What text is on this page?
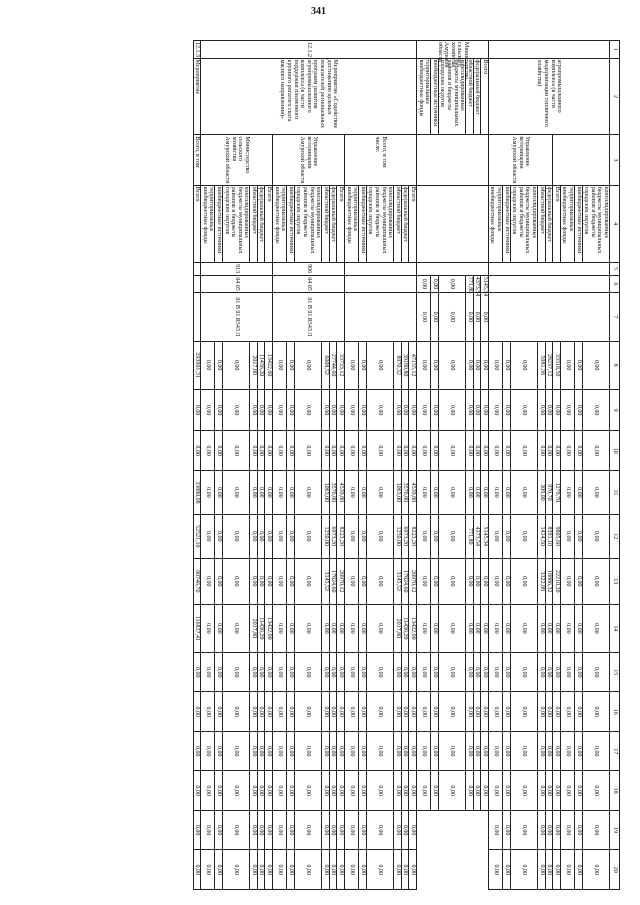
341
1	2	3	4	5	6	7	8	9	10	11	12	13	14	15	16	17	18	19	20
	агропромышленного комплекса (в части модернизации тепличного хозяйства)		консолидированные бюджеты муниципальных районов и бюджеты городских округов				0,00	0,00	0,00	0,00	0,00	0,00	0,00	0,00	0,00	0,00	0,00	0,00	0,00
			внебюджетные источники				0,00	0,00	0,00	0,00	0,00	0,00	0,00	0,00	0,00	0,00	0,00	0,00	0,00
			территориальные внебюджетные фонды				0,00	0,00	0,00	0,00	0,00	0,00	0,00	0,00	0,00	0,00	0,00	0,00	0,00
			Всего				33318,50	0,00	0,00	1279,70	9805,60	22210,20	0,00	0,00	0,00	0,00	0,00	0,00	0,00
		Управление ветеринарии Амурской области	федеральный бюджет				28237,12	0,00	0,00	970,70	8391,10	18886,32	0,00	0,00	0,00	0,00	0,00	0,00	0,00
			областной бюджет				5081,38	0,00	0,00	309,00	1414,50	3322,88	0,00	0,00	0,00	0,00	0,00	0,00	0,00
			консолидированные бюджеты муниципальных районов и бюджеты городских округов				0,00	0,00	0,00	0,00	0,00	0,00	0,00	0,00	0,00	0,00	0,00	0,00	0,00
			внебюджетные источники				0,00	0,00	0,00	0,00	0,00	0,00	0,00	0,00	0,00	0,00	0,00	0,00	0,00
			территориальные внебюджетные фонды				0,00	0,00	0,00	0,00	0,00	0,00	0,00	0,00	0,00	0,00	0,00	0,00	0,00
Министерство сельского хозяйства Амурской области	Всего				5145,34	0,00	0,00	0,00	0,00	0,00	5145,34	0,00	0,00	0,00	0,00	0,00	0,00		
	федеральный бюджет				4373,54	0,00	0,00	0,00	0,00	0,00	4373,54	0,00	0,00	0,00	0,00	0,00	0,00		
	областной бюджет				771,80	0,00	0,00	0,00	0,00	0,00	771,80	0,00	0,00	0,00	0,00	0,00	0,00		
	консолидированные бюджеты муниципальных районов и бюджеты городских округов				0,00	0,00	0,00	0,00	0,00	0,00	0,00	0,00	0,00	0,00	0,00	0,00	0,00		
	внебюджетные источники				0,00	0,00	0,00	0,00	0,00	0,00	0,00	0,00	0,00	0,00	0,00	0,00	0,00		
	территориальные внебюджетные фонды				0,00	0,00	0,00	0,00	0,00	0,00	0,00	0,00	0,00	0,00	0,00	0,00	0,00		
12.1.2	Мероприятие «Содействие достижению целевых показателей региональных программ развития агропромышленного комплекса (в части поддержки племенного крупного рогатого скота мясного направления)»	Всего, в том числе:	Всего				47155,12	0,00	0,00	4539,80	8223,20	20970,12	13422,00	0,00	0,00	0,00	0,00	0,00	0,00
			федеральный бюджет				39180,80	0,00	0,00	3576,80	6973,20	17824,60	11436,20	0,00	0,00	0,00	0,00	0,00	0,00
			областной бюджет				8970,32	0,00	0,00	1063,00	1250,00	3145,52	2017,80	0,00	0,00	0,00	0,00	0,00	0,00
			консолидированные бюджеты муниципальных районов и бюджеты городских округов				0,00	0,00	0,00	0,00	0,00	0,00	0,00	0,00	0,00	0,00	0,00	0,00	0,00
			внебюджетные источники				0,00	0,00	0,00	0,00	0,00	0,00	0,00	0,00	0,00	0,00	0,00	0,00	0,00
			территориальные внебюджетные фонды				0,00	0,00	0,00	0,00	0,00	0,00	0,00	0,00	0,00	0,00	0,00	0,00	0,00
		Управление ветеринарии Амурской области	Всего	906	04 05	01 В 01 R543 Л	33733,12	0,00	0,00	4539,80	8223,20	20970,12	0,00	0,00	0,00	0,00	0,00	0,00	0,00
			федеральный бюджет				27744,60	0,00	0,00	3576,80	6973,20	17824,60	0,00	0,00	0,00	0,00	0,00	0,00	0,00
			областной бюджет				6008,52	0,00	0,00	1063,00	1250,00	3145,52	0,00	0,00	0,00	0,00	0,00	0,00	0,00
			консолидированные бюджеты муниципальных районов и бюджеты городских округов				0,00	0,00	0,00	0,00	0,00	0,00	0,00	0,00	0,00	0,00	0,00	0,00	0,00
			внебюджетные источники				0,00	0,00	0,00	0,00	0,00	0,00	0,00	0,00	0,00	0,00	0,00	0,00	0,00
			территориальные внебюджетные фонды				0,00	0,00	0,00	0,00	0,00	0,00	0,00	0,00	0,00	0,00	0,00	0,00	0,00
		Министерство сельского хозяйства Амурской области	Всего	913	04 05	01 В 01 R543 Л	13422,00	0,00	0,00	0,00	0,00	0,00	13422,00	0,00	0,00	0,00	0,00	0,00	0,00
			федеральный бюджет				11436,20	0,00	0,00	0,00	0,00	0,00	11436,20	0,00	0,00	0,00	0,00	0,00	0,00
			областной бюджет				2017,80	0,00	0,00	0,00	0,00	0,00	2017,80	0,00	0,00	0,00	0,00	0,00	0,00
			консолидированные бюджеты муниципальных районов и бюджеты городских округов				0,00	0,00	0,00	0,00	0,00	0,00	0,00	0,00	0,00	0,00	0,00	0,00	0,00
			внебюджетные источники				0,00	0,00	0,00	0,00	0,00	0,00	0,00	0,00	0,00	0,00	0,00	0,00	0,00
			территориальные внебюджетные фонды				0,00	0,00	0,00	0,00	0,00	0,00	0,00	0,00	0,00	0,00	0,00	0,00	0,00
12.1.3	Мероприятие	Всего, в том	Всего				293901,31	0,00	0,00	33880,08	52521,10	90746,70	116837,41	0,00	0,00	0,00	0,00	0,00	0,00
